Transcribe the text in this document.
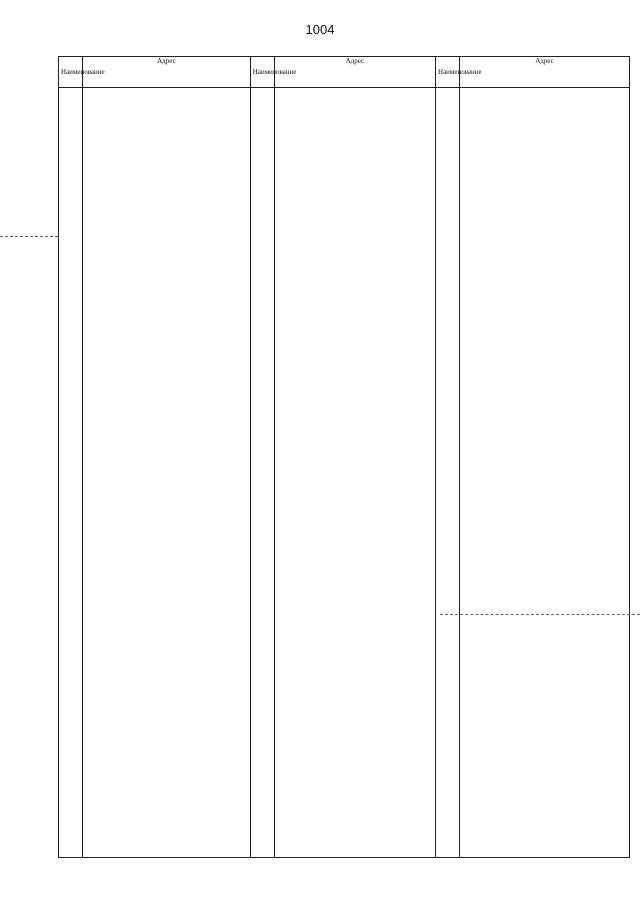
1004
Наименование	Адрес	Наименование	Адрес	Наименование	Адрес
